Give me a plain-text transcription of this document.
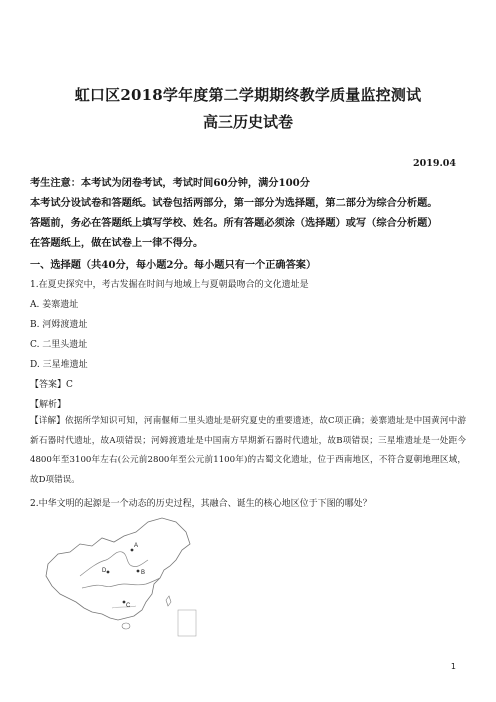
虹口区2018学年度第二学期期终教学质量监控测试
高三历史试卷
2019.04
考生注意：本考试为闭卷考试，考试时间60分钟，满分100分
本考试分设试卷和答题纸。试卷包括两部分，第一部分为选择题，第二部分为综合分析题。
答题前，务必在答题纸上填写学校、姓名。所有答题必须涂（选择题）或写（综合分析题）
在答题纸上，做在试卷上一律不得分。
一、选择题（共40分，每小题2分。每小题只有一个正确答案）
1.在夏史探究中，考古发掘在时间与地域上与夏朝最吻合的文化遗址是
A. 姜寨遗址
B. 河姆渡遗址
C. 二里头遗址
D. 三星堆遗址
【答案】C
【解析】
【详解】依据所学知识可知，河南偃师二里头遗址是研究夏史的重要遗迹，故C项正确；姜寨遗址是中国黄河中游新石器时代遗址，故A项错误；河姆渡遗址是中国南方早期新石器时代遗址，故B项错误；三星堆遗址是一处距今4800年至3100年左右(公元前2800年至公元前1100年)的古蜀文化遗址，位于西南地区，不符合夏朝地理区域，故D项错误。
2.中华文明的起源是一个动态的历史过程，其融合、诞生的核心地区位于下图的哪处？
A
B
C
D
1
